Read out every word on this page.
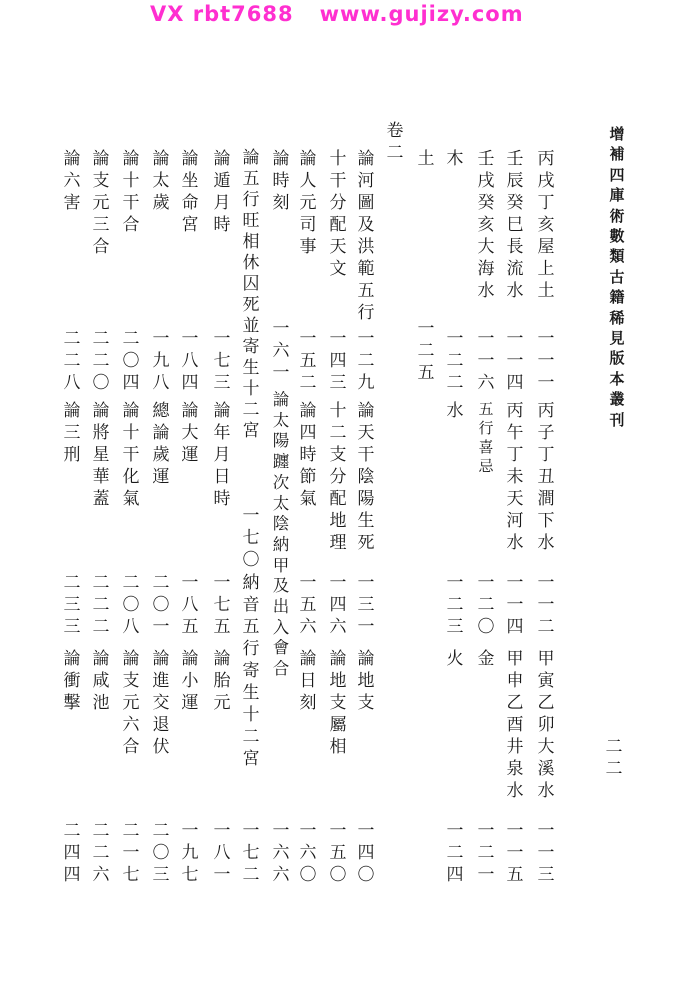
VX rbt7688 www.gujizy.com
增補四庫術數類古籍稀見版本叢刊
二二
丙戌丁亥屋上土
一一一
丙子丁丑澗下水
一一二
甲寅乙卯大溪水
一一三
壬辰癸巳長流水
一一四
丙午丁未天河水
一一四
甲申乙酉井泉水
一一五
壬戌癸亥大海水
一一六
五行喜忌
一二〇
金
一二一
木
一二二
水
一二三
火
一二四
土
一二五
卷二
論河圖及洪範五行
一二九
論天干陰陽生死
一三一
論地支
一四〇
十干分配天文
一四三
十二支分配地理
一四六
論地支屬相
一五〇
論人元司事
一五二
論四時節氣
一五六
論日刻
一六〇
論時刻
一六一
論太陽躔次太陰納甲及出入會合
一六六
論五行旺相休囚死並寄生十二宮
一七〇
納音五行寄生十二宮
一七二
論遁月時
一七三
論年月日時
一七五
論胎元
一八一
論坐命宮
一八四
論大運
一八五
論小運
一九七
論太歲
一九八
總論歲運
二〇一
論進交退伏
二〇三
論十干合
二〇四
論十干化氣
二〇八
論支元六合
二一七
論支元三合
二二〇
論將星華蓋
二二二
論咸池
二二六
論六害
二二八
論三刑
二三三
論衝擊
二四四
